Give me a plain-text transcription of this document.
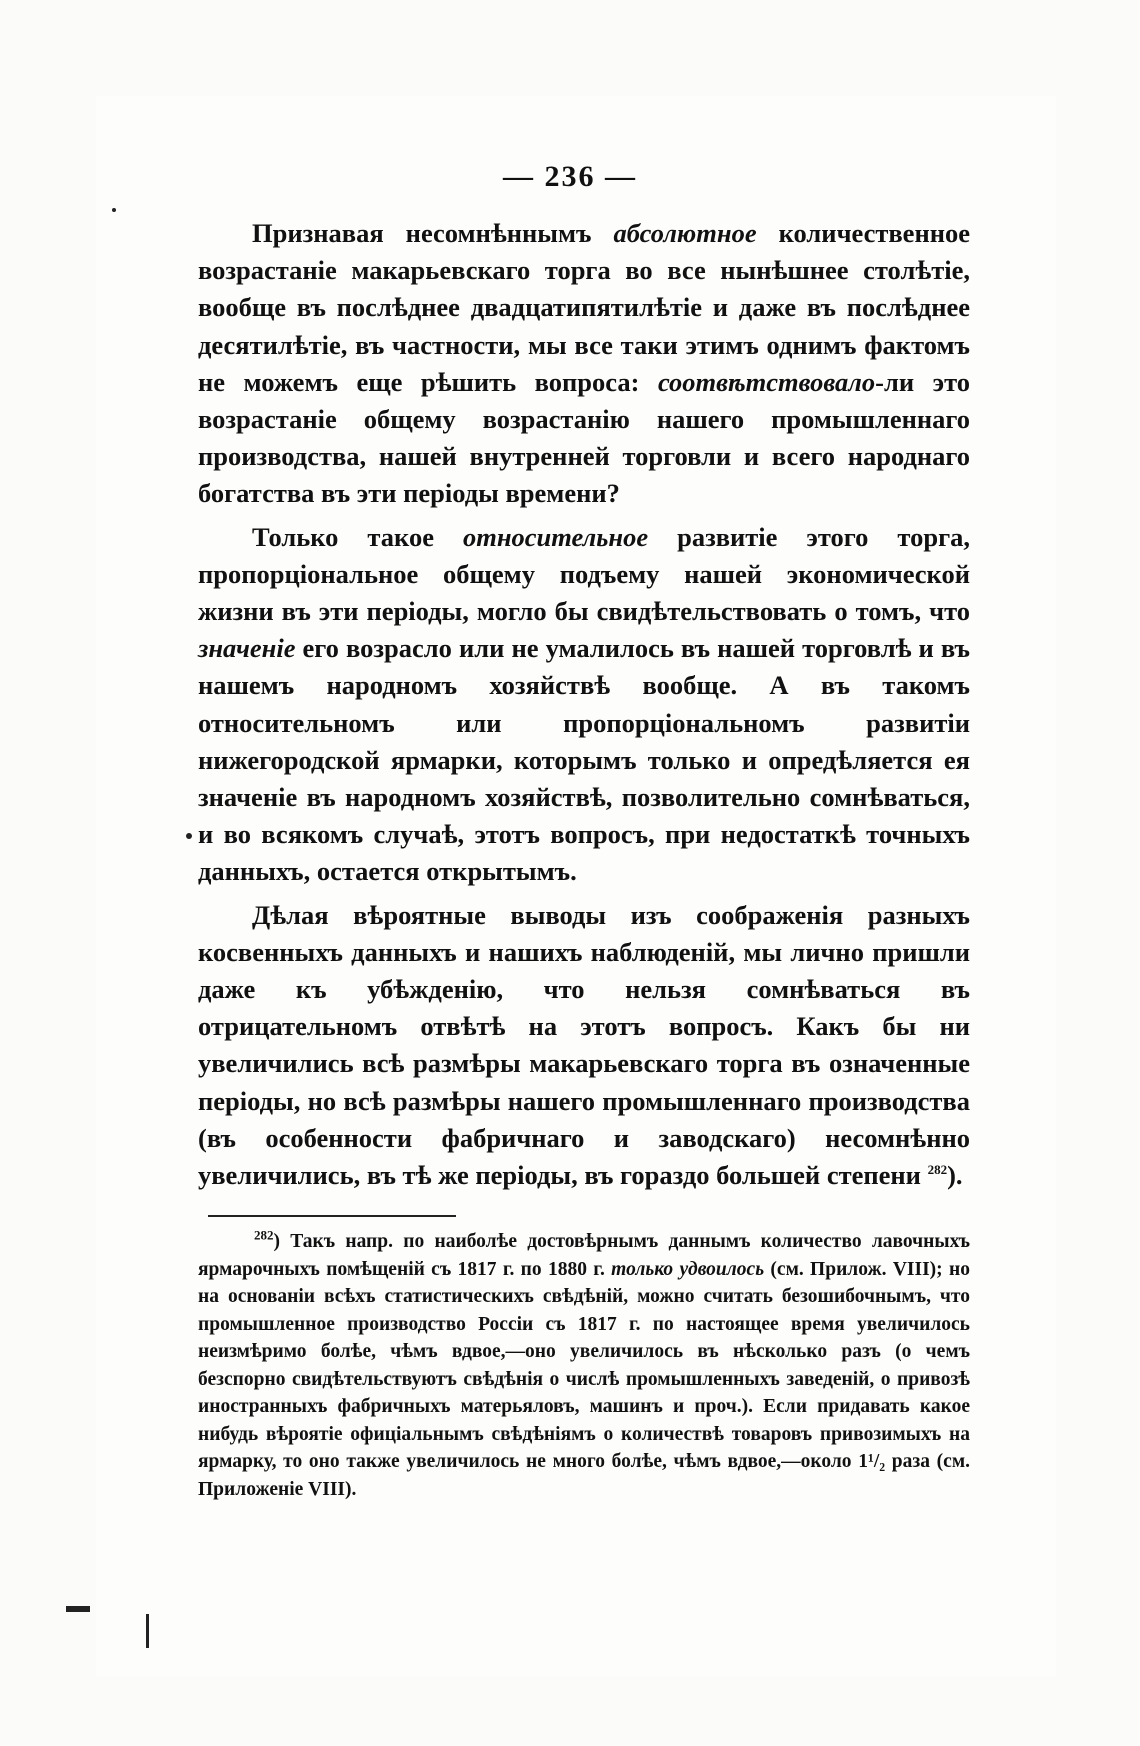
— 236 —

Признавая несомнѣннымъ абсолютное количественное возрастаніе макарьевскаго торга во все нынѣшнее столѣтіе, вообще въ послѣднее двадцатипятилѣтіе и даже въ послѣднее десятилѣтіе, въ частности, мы все таки этимъ однимъ фактомъ не можемъ еще рѣшить вопроса: соотвѣтствовало-ли это возрастаніе общему возрастанію нашего промышленнаго производства, нашей внутренней торговли и всего народнаго богатства въ эти періоды времени?

Только такое относительное развитіе этого торга, пропорціональное общему подъему нашей экономической жизни въ эти періоды, могло бы свидѣтельствовать о томъ, что значеніе его возрасло или не умалилось въ нашей торговлѣ и въ нашемъ народномъ хозяйствѣ вообще. А въ такомъ относительномъ или пропорціональномъ развитіи нижегородской ярмарки, которымъ только и опредѣляется ея значеніе въ народномъ хозяйствѣ, позволительно сомнѣваться, и во всякомъ случаѣ, этотъ вопросъ, при недостаткѣ точныхъ данныхъ, остается открытымъ.

Дѣлая вѣроятные выводы изъ соображенія разныхъ косвенныхъ данныхъ и нашихъ наблюденій, мы лично пришли даже къ убѣжденію, что нельзя сомнѣваться въ отрицательномъ отвѣтѣ на этотъ вопросъ. Какъ бы ни увеличились всѣ размѣры макарьевскаго торга въ означенные періоды, но всѣ размѣры нашего промышленнаго производства (въ особенности фабричнаго и заводскаго) несомнѣнно увеличились, въ тѣ же періоды, въ гораздо большей степени $^{282}$).

$^{282}$) Такъ напр. по наиболѣе достовѣрнымъ даннымъ количество лавочныхъ ярмарочныхъ помѣщеній съ 1817 г. по 1880 г. только удвоилось (см. Прилож. VIII); но на основаніи всѣхъ статистическихъ свѣдѣній, можно считать безошибочнымъ, что промышленное производство Россіи съ 1817 г. по настоящее время увеличилось неизмѣримо болѣе, чѣмъ вдвое,—оно увеличилось въ нѣсколько разъ (о чемъ безспорно свидѣтельствуютъ свѣдѣнія о числѣ промышленныхъ заведеній, о привозѣ иностранныхъ фабричныхъ матерьяловъ, машинъ и проч.). Если придавать какое нибудь вѣроятіе офиціальнымъ свѣдѣніямъ о количествѣ товаровъ привозимыхъ на ярмарку, то оно также увеличилось не много болѣе, чѣмъ вдвое,—около 1¹/₂ раза (см. Приложеніе VIII).
